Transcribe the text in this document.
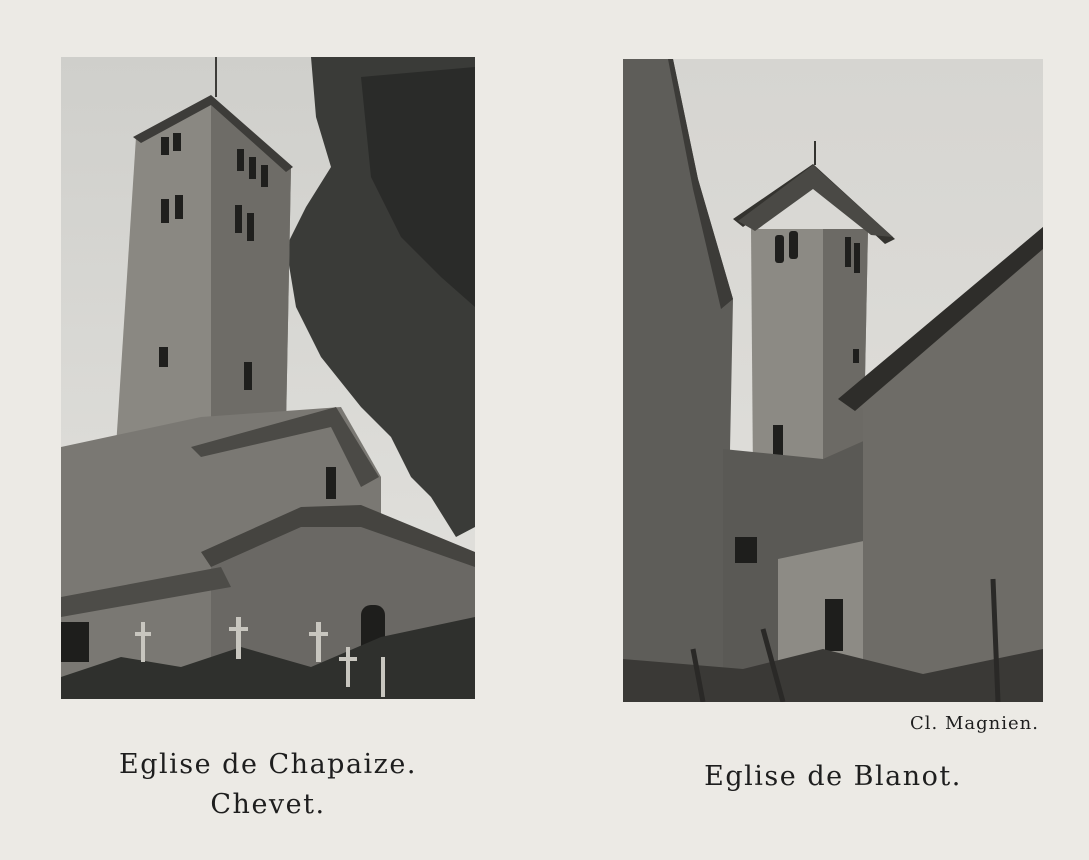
Eglise de Chapaize.
Chevet.
Cl. Magnien.
Eglise de Blanot.
